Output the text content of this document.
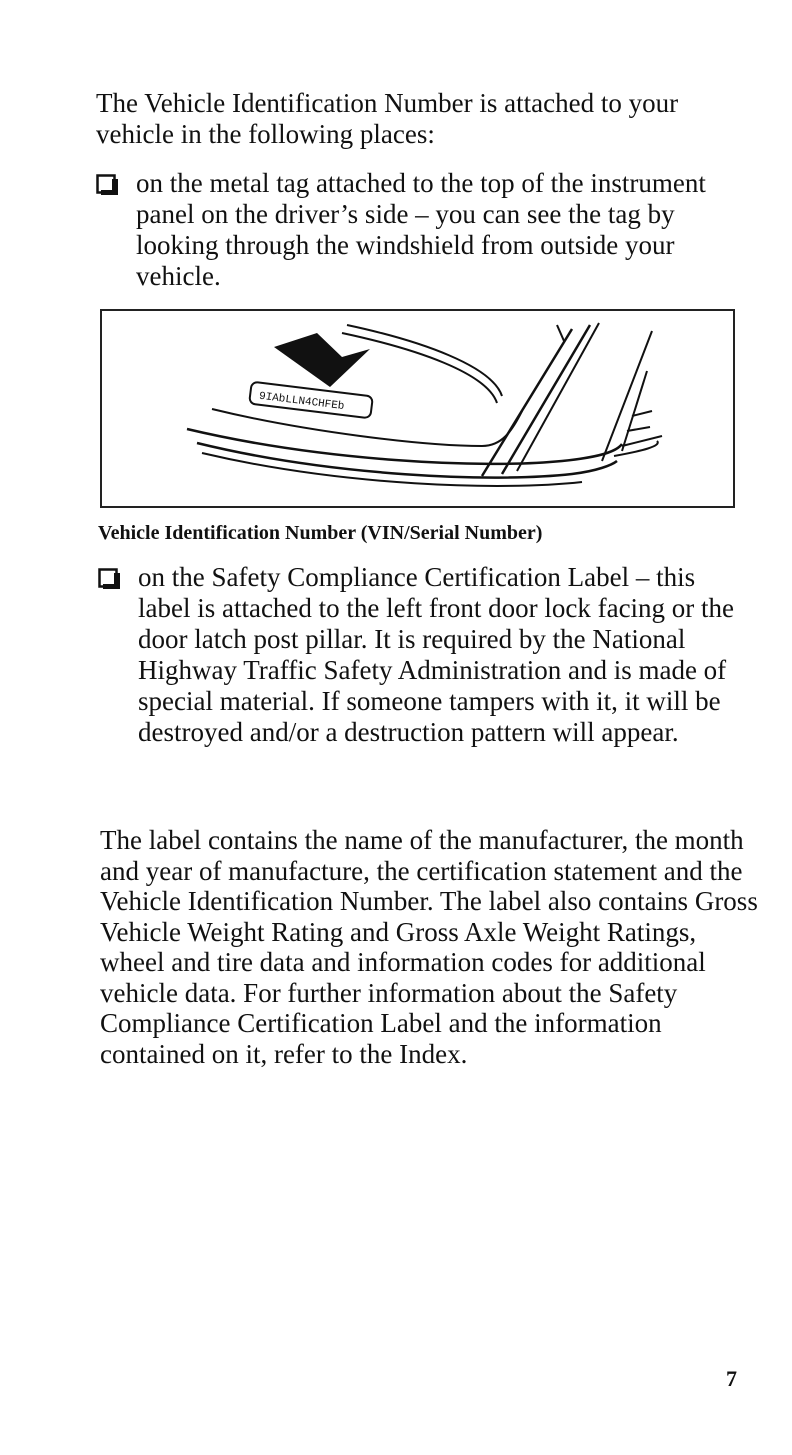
The Vehicle Identification Number is attached to your vehicle in the following places:

on the metal tag attached to the top of the instrument panel on the driver’s side – you can see the tag by looking through the windshield from outside your vehicle.

9IAbLLN4CHFEb

Vehicle Identification Number (VIN/Serial Number)

on the Safety Compliance Certification Label – this label is attached to the left front door lock facing or the door latch post pillar. It is required by the National Highway Traffic Safety Administration and is made of special material. If someone tampers with it, it will be destroyed and/or a destruction pattern will appear.

The label contains the name of the manufacturer, the month and year of manufacture, the certification statement and the Vehicle Identification Number. The label also contains Gross Vehicle Weight Rating and Gross Axle Weight Ratings, wheel and tire data and information codes for additional vehicle data. For further information about the Safety Compliance Certification Label and the information contained on it, refer to the Index.

7
